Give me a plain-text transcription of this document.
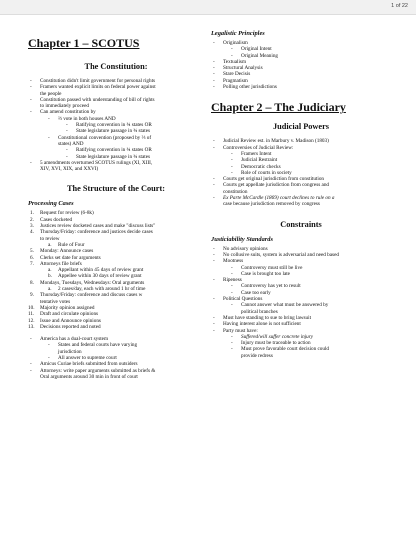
1 of 22
Chapter 1 – SCOTUS
The Constitution:
-	Constitution didn't limit government for personal rights
-	Framers wanted explicit limits on federal power against
the people
-	Constitution passed with understanding of bill of rights
to immediately proceed
-	Can amend constitution by
-	⅔ vote in both houses AND
-	Ratifying convention in ¾ states OR
-	State legislature passage in ¾ states
-	Constitutional convention (proposed by ⅔ of
states) AND
-	Ratifying convention in ¾ states OR
-	State legislature passage in ¾ states
-	5 amendments overturned SCOTUS rulings (XI, XIII,
XIV, XVI, XIX, and XXVI)
The Structure of the Court:
Processing Cases
1.	Request for review (6-8k)
2.	Cases docketed
3.	Justices review docketed cases and make "discuss lists"
4.	Thursday/Friday: conference and justices decide cases
to review
a.	Rule of Four
5.	Monday: Announce cases
6.	Clerks set date for arguments
7.	Attorneys file briefs
a.	Appellant within 45 days of review grant
b.	Appellee within 30 days of review grant
8.	Mondays, Tuesdays, Wednesdays: Oral arguments
a.	2 cases/day, each with around 1 hr of time
9.	Thursday/Friday: conference and discuss cases w
tentative votes
10.	Majority opinion assigned
11.	Draft and circulate opinions
12.	Issue and Announce opinions
13.	Decisions reported and noted
-	America has a dual-court system
-	States and federal courts have varying
jurisdiction
-	All answer to supreme court
-	Amicus Curiae briefs submitted from outsiders
-	Attorneys: write paper arguments submitted as briefs &
Oral arguments around 30 min in front of court
Legalistic Principles
-	Originalism
-	Original Intent
-	Original Meaning
-	Textualism
-	Structural Analysis
-	Stare Decisis
-	Pragmatism
-	Polling other jurisdictions
Chapter 2 – The Judiciary
Judicial Powers
-	Judicial Review est. in Marbury v. Madison (1803)
-	Controversies of Judicial Review:
-	Framers Intent
-	Judicial Restraint
-	Democratic checks
-	Role of courts in society
-	Courts get original jurisdiction from constitution
-	Courts get appellate jurisdiction from congress and
constitution
-	Ex Parte McCardle (1869) court declines to rule on a
case because jurisdiction removed by congress
Constraints
Justiciability Standards
-	No advisory opinions
-	No collusive suits, system is adversarial and need based
-	Mootness
-	Controversy must still be live
-	Case is brought too late
-	Ripeness
-	Controversy has yet to result
-	Case too early
-	Political Questions
-	Cannot answer what must be answered by
political branches
-	Must have standing to sue to bring lawsuit
-	Having interest alone is not sufficient
-	Party must have:
-	Suffered/will suffer concrete injury
-	Injury must be traceable to action
-	Must prove favorable court decision could
provide redress
